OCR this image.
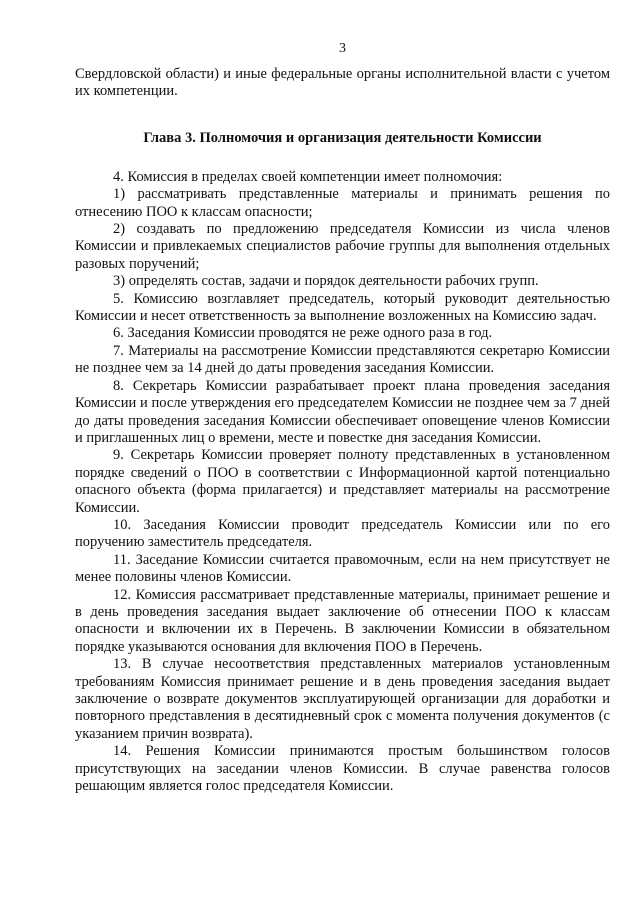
3

Свердловской области) и иные федеральные органы исполнительной власти с учетом их компетенции.

Глава 3. Полномочия и организация деятельности Комиссии

4. Комиссия в пределах своей компетенции имеет полномочия:

1) рассматривать представленные материалы и принимать решения по отнесению ПОО к классам опасности;

2) создавать по предложению председателя Комиссии из числа членов Комиссии и привлекаемых специалистов рабочие группы для выполнения отдельных разовых поручений;

3) определять состав, задачи и порядок деятельности рабочих групп.

5. Комиссию возглавляет председатель, который руководит деятельностью Комиссии и несет ответственность за выполнение возложенных на Комиссию задач.

6. Заседания Комиссии проводятся не реже одного раза в год.

7. Материалы на рассмотрение Комиссии представляются секретарю Комиссии не позднее чем за 14 дней до даты проведения заседания Комиссии.

8. Секретарь Комиссии разрабатывает проект плана проведения заседания Комиссии и после утверждения его председателем Комиссии не позднее чем за 7 дней до даты проведения заседания Комиссии обеспечивает оповещение членов Комиссии и приглашенных лиц о времени, месте и повестке дня заседания Комиссии.

9. Секретарь Комиссии проверяет полноту представленных в установленном порядке сведений о ПОО в соответствии с Информационной картой потенциально опасного объекта (форма прилагается) и представляет материалы на рассмотрение Комиссии.

10. Заседания Комиссии проводит председатель Комиссии или по его поручению заместитель председателя.

11. Заседание Комиссии считается правомочным, если на нем присутствует не менее половины членов Комиссии.

12. Комиссия рассматривает представленные материалы, принимает решение и в день проведения заседания выдает заключение об отнесении ПОО к классам опасности и включении их в Перечень. В заключении Комиссии в обязательном порядке указываются основания для включения ПОО в Перечень.

13. В случае несоответствия представленных материалов установленным требованиям Комиссия принимает решение и в день проведения заседания выдает заключение о возврате документов эксплуатирующей организации для доработки и повторного представления в десятидневный срок с момента получения документов (с указанием причин возврата).

14. Решения Комиссии принимаются простым большинством голосов присутствующих на заседании членов Комиссии. В случае равенства голосов решающим является голос председателя Комиссии.
